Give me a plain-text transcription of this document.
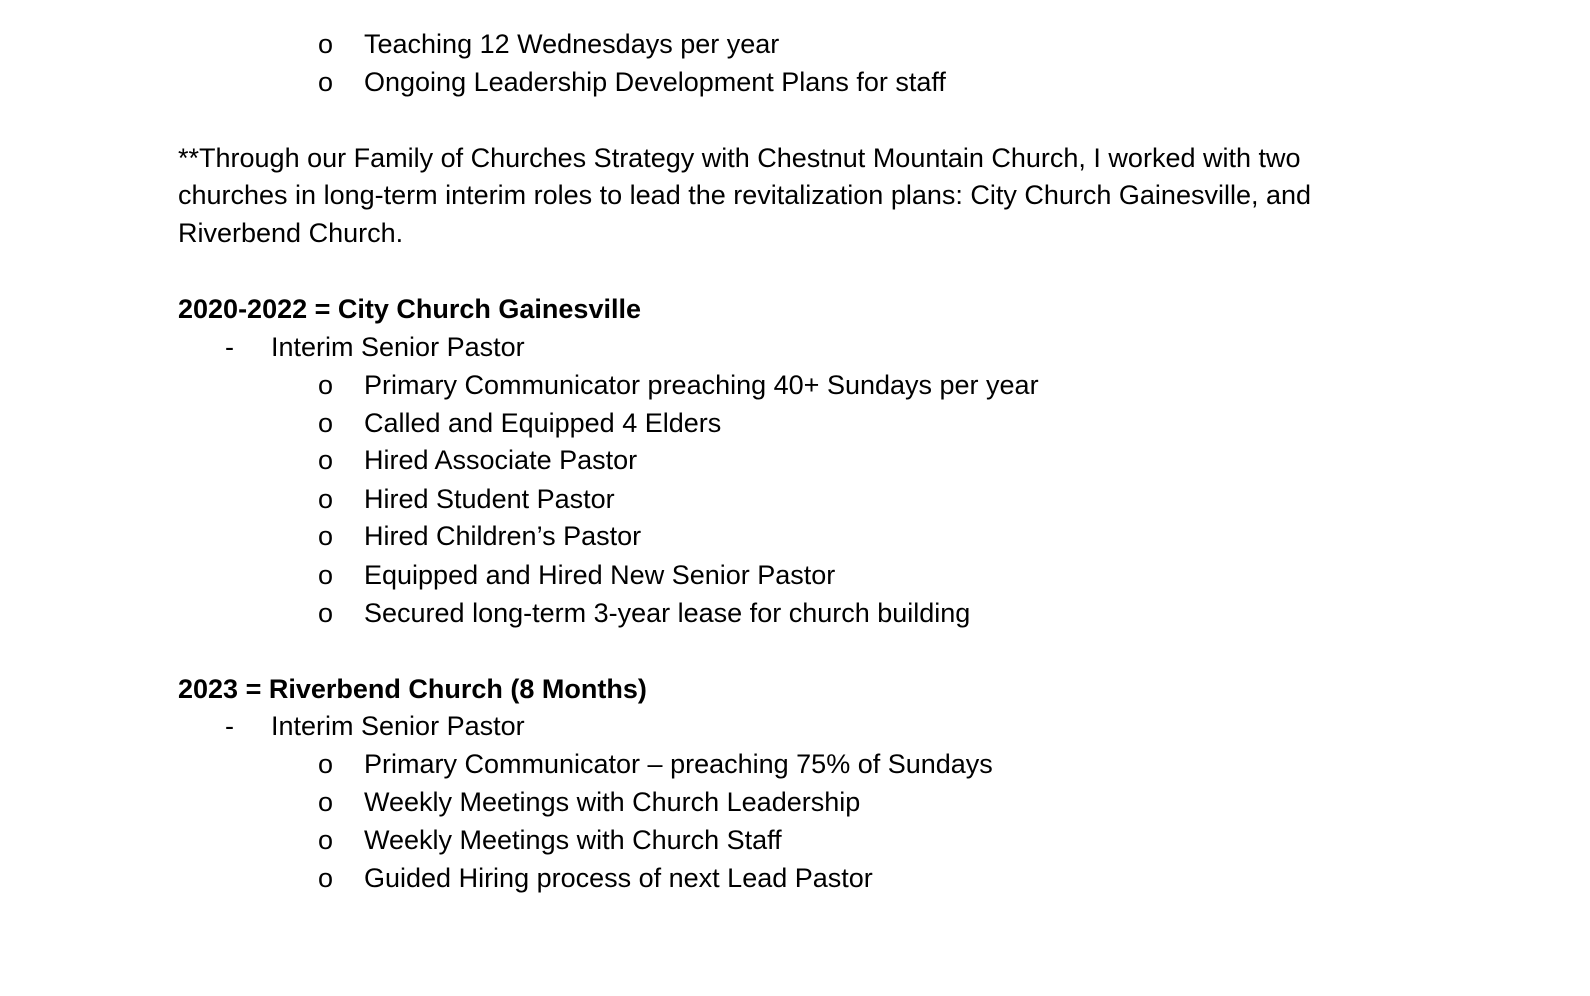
o Teaching 12 Wednesdays per year
o Ongoing Leadership Development Plans for staff
**Through our Family of Churches Strategy with Chestnut Mountain Church, I worked with two
churches in long-term interim roles to lead the revitalization plans: City Church Gainesville, and
Riverbend Church.
2020-2022 = City Church Gainesville
- Interim Senior Pastor
o Primary Communicator preaching 40+ Sundays per year
o Called and Equipped 4 Elders
o Hired Associate Pastor
o Hired Student Pastor
o Hired Children’s Pastor
o Equipped and Hired New Senior Pastor
o Secured long-term 3-year lease for church building
2023 = Riverbend Church (8 Months)
- Interim Senior Pastor
o Primary Communicator – preaching 75% of Sundays
o Weekly Meetings with Church Leadership
o Weekly Meetings with Church Staff
o Guided Hiring process of next Lead Pastor
